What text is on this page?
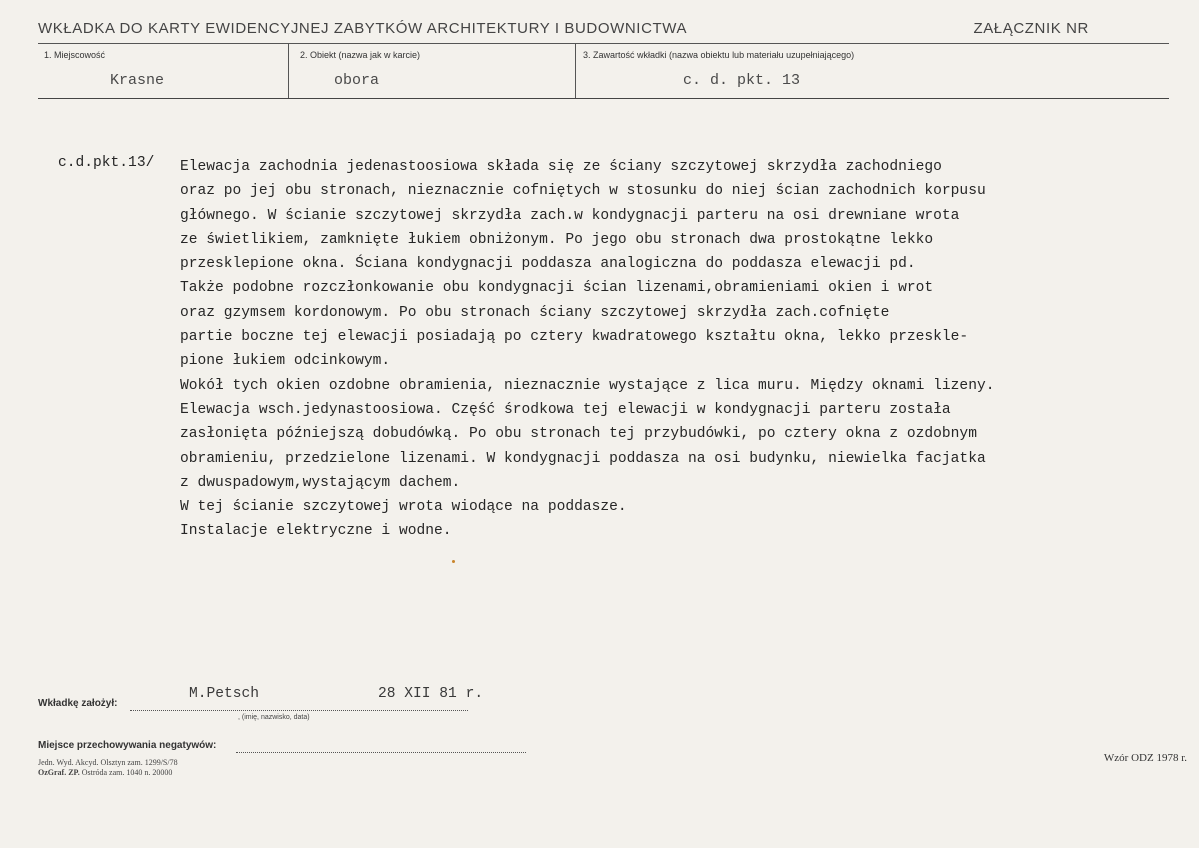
WKŁADKA DO KARTY EWIDENCYJNEJ ZABYTKÓW ARCHITEKTURY I BUDOWNICTWA	ZAŁĄCZNIK NR
1. Miejscowość
Krasne
2. Obiekt (nazwa jak w karcie)
obora
3. Zawartość wkładki (nazwa obiektu lub materiału uzupełniającego)
c. d. pkt. 13
c.d.pkt.13/ Elewacja zachodnia jedenastoosiowa składa się ze ściany szczytowej skrzydła zachodniego
oraz po jej obu stronach, nieznacznie cofniętych w stosunku do niej ścian zachodnich korpusu
głównego. W ścianie szczytowej skrzydła zach.w kondygnacji parteru na osi drewniane wrota
ze świetlikiem, zamknięte łukiem obniżonym. Po jego obu stronach dwa prostokątne lekko
przesklepione okna. Ściana kondygnacji poddasza analogiczna do poddasza elewacji pd.
Także podobne rozczłonkowanie obu kondygnacji ścian lizenami,obramieniami okien i wrot
oraz gzymsem kordonowym. Po obu stronach ściany szczytowej skrzydła zach.cofnięte
partie boczne tej elewacji posiadają po cztery kwadratowego kształtu okna, lekko przeskle-
pione łukiem odcinkowym.
Wokół tych okien ozdobne obramienia, nieznacznie wystające z lica muru. Między oknami lizeny.
Elewacja wsch.jedynastoosiowa. Część środkowa tej elewacji w kondygnacji parteru została
zasłonięta późniejszą dobudówką. Po obu stronach tej przybudówki, po cztery okna z ozdobnym
obramieniu, przedzielone lizenami. W kondygnacji poddasza na osi budynku, niewielka facjatka
z dwuspadowym,wystającym dachem.
W tej ścianie szczytowej wrota wiodące na poddasze.
Instalacje elektryczne i wodne.
Wkładkę założył:
M.Petsch	28 XII 81 r.
, (imię, nazwisko, data)
Miejsce przechowywania negatywów:
Jedn. Wyd. Akcyd. Olsztyn zam. 1299/S/78
OzGraf. ZP. Ostróda zam. 1040 n. 20000
Wzór ODZ 1978 r.
